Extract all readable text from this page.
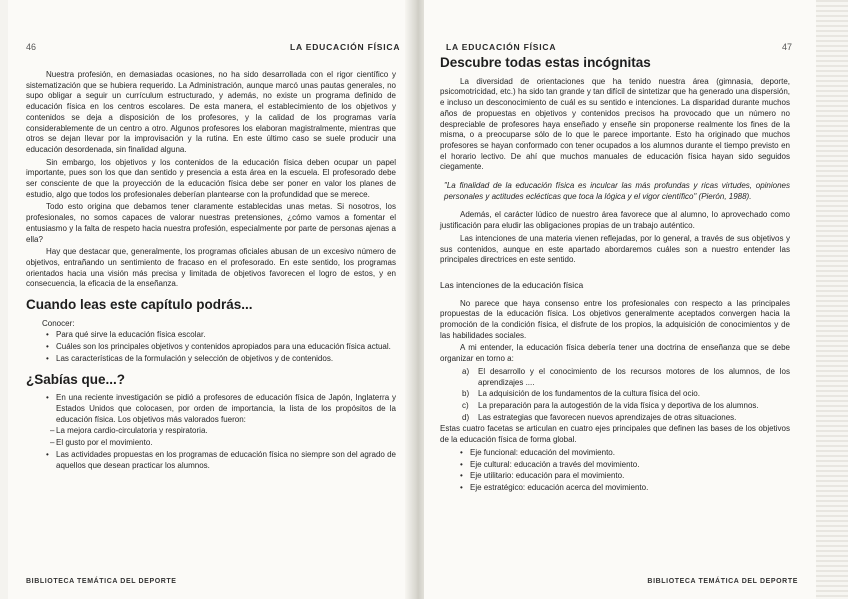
46	LA EDUCACIÓN FÍSICA

Nuestra profesión, en demasiadas ocasiones, no ha sido desarrollada con el rigor científico y sistematización que se hubiera requerido. La Administración, aunque marcó unas pautas generales, no supo obligar a seguir un currículum estructurado, y además, no existe un programa definido de educación física en los centros escolares. De esta manera, el establecimiento de los objetivos y contenidos se deja a disposición de los profesores, y la calidad de los programas varía considerablemente de un centro a otro. Algunos profesores los elaboran magistralmente, mientras que otros se dejan llevar por la improvisación y la rutina. En este último caso se suele producir una educación desordenada, sin finalidad alguna.

Sin embargo, los objetivos y los contenidos de la educación física deben ocupar un papel importante, pues son los que dan sentido y presencia a esta área en la escuela. El profesorado debe ser consciente de que la proyección de la educación física debe ser poner en valor los planes de estudio, algo que todos los profesionales deberían plantearse con la profundidad que se merece.

Todo esto origina que debamos tener claramente establecidas unas metas. Si nosotros, los profesionales, no somos capaces de valorar nuestras pretensiones, ¿cómo vamos a fomentar el entusiasmo y la falta de respeto hacia nuestra profesión, especialmente por parte de personas ajenas a ella?

Hay que destacar que, generalmente, los programas oficiales abusan de un excesivo número de objetivos, entrañando un sentimiento de fracaso en el profesorado. En este sentido, los programas orientados hacia una visión más precisa y limitada de objetivos favorecen el logro de estos, y en consecuencia, la eficacia de la enseñanza.

Cuando leas este capítulo podrás...
Conocer:
• Para qué sirve la educación física escolar.
• Cuáles son los principales objetivos y contenidos apropiados para una educación física actual.
• Las características de la formulación y selección de objetivos y de contenidos.
¿Sabías que...?
• En una reciente investigación se pidió a profesores de educación física de Japón, Inglaterra y Estados Unidos que colocasen, por orden de importancia, la lista de los propósitos de la educación física. Los objetivos más valorados fueron:
– La mejora cardio-circulatoria y respiratoria.
– El gusto por el movimiento.
• Las actividades propuestas en los programas de educación física no siempre son del agrado de aquellos que desean practicar los alumnos.
BIBLIOTECA TEMÁTICA DEL DEPORTE
LA EDUCACIÓN FÍSICA	47
Descubre todas estas incógnitas

La diversidad de orientaciones que ha tenido nuestra área (gimnasia, deporte, psicomotricidad, etc.) ha sido tan grande y tan difícil de sintetizar que ha generado una dispersión, e incluso un desconocimiento de cuál es su sentido e intenciones. La disparidad durante muchos años de propuestas en objetivos y contenidos precisos ha provocado que un número no despreciable de profesores haya enseñado y enseñe sin proponerse realmente los fines de la misma, o a preocuparse sólo de lo que le parece importante. Esto ha originado que muchos profesores se hayan conformado con tener ocupados a los alumnos durante el tiempo previsto en el horario lectivo. De ahí que muchos manuales de educación física hayan sido seguidos ciegamente.

"La finalidad de la educación física es inculcar las más profundas y ricas virtudes, opiniones personales y actitudes eclécticas que toca la lógica y el vigor científico" (Pierón, 1988).

Además, el carácter lúdico de nuestro área favorece que al alumno, lo aprovechado como justificación para eludir las obligaciones propias de un trabajo auténtico.

Las intenciones de una materia vienen reflejadas, por lo general, a través de sus objetivos y sus contenidos, aunque en este apartado abordaremos cuáles son a nuestro entender las principales directrices en este sentido.

Las intenciones de la educación física

No parece que haya consenso entre los profesionales con respecto a las principales propuestas de la educación física. Los objetivos generalmente aceptados convergen hacia la promoción de la condición física, el disfrute de los propios, la adquisición de conocimientos y de las habilidades sociales.

A mi entender, la educación física debería tener una doctrina de enseñanza que se debe organizar en torno a:

a) El desarrollo y el conocimiento de los recursos motores de los alumnos, de los aprendizajes ....
b) La adquisición de los fundamentos de la cultura física del ocio.
c) La preparación para la autogestión de la vida física y deportiva de los alumnos.
d) Las estrategias que favorecen nuevos aprendizajes de otras situaciones.

Estas cuatro facetas se articulan en cuatro ejes principales que definen las bases de los objetivos de la educación física de forma global.

• Eje funcional: educación del movimiento.
• Eje cultural: educación a través del movimiento.
• Eje utilitario: educación para el movimiento.
• Eje estratégico: educación acerca del movimiento.
BIBLIOTECA TEMÁTICA DEL DEPORTE
